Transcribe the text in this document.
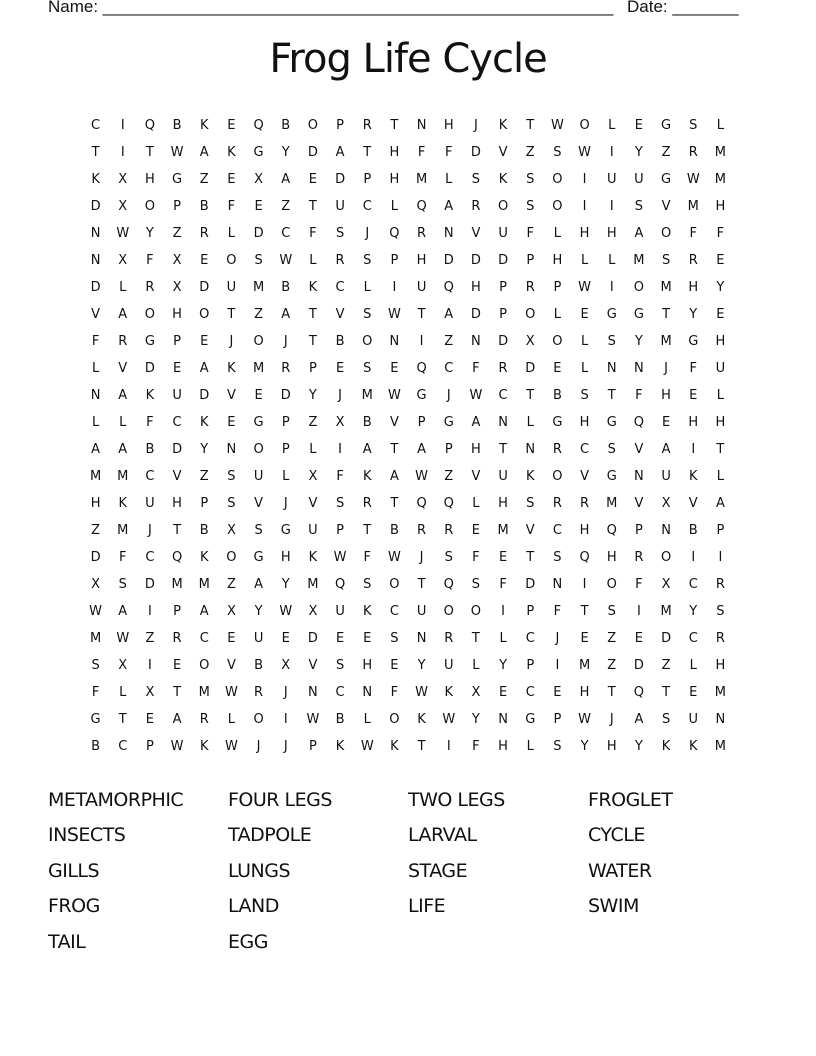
Name: ______________________________________________________ Date: _______
Frog Life Cycle
C	I	Q	B	K	E	Q	B	O	P	R	T	N	H	J	K	T	W	O	L	E	G	S	L
T	I	T	W	A	K	G	Y	D	A	T	H	F	F	D	V	Z	S	W	I	Y	Z	R	M
K	X	H	G	Z	E	X	A	E	D	P	H	M	L	S	K	S	O	I	U	U	G	W	M
D	X	O	P	B	F	E	Z	T	U	C	L	Q	A	R	O	S	O	I	I	S	V	M	H
N	W	Y	Z	R	L	D	C	F	S	J	Q	R	N	V	U	F	L	H	H	A	O	F	F
N	X	F	X	E	O	S	W	L	R	S	P	H	D	D	D	P	H	L	L	M	S	R	E
D	L	R	X	D	U	M	B	K	C	L	I	U	Q	H	P	R	P	W	I	O	M	H	Y
V	A	O	H	O	T	Z	A	T	V	S	W	T	A	D	P	O	L	E	G	G	T	Y	E
F	R	G	P	E	J	O	J	T	B	O	N	I	Z	N	D	X	O	L	S	Y	M	G	H
L	V	D	E	A	K	M	R	P	E	S	E	Q	C	F	R	D	E	L	N	N	J	F	U
N	A	K	U	D	V	E	D	Y	J	M	W	G	J	W	C	T	B	S	T	F	H	E	L
L	L	F	C	K	E	G	P	Z	X	B	V	P	G	A	N	L	G	H	G	Q	E	H	H
A	A	B	D	Y	N	O	P	L	I	A	T	A	P	H	T	N	R	C	S	V	A	I	T
M	M	C	V	Z	S	U	L	X	F	K	A	W	Z	V	U	K	O	V	G	N	U	K	L
H	K	U	H	P	S	V	J	V	S	R	T	Q	Q	L	H	S	R	R	M	V	X	V	A
Z	M	J	T	B	X	S	G	U	P	T	B	R	R	E	M	V	C	H	Q	P	N	B	P
D	F	C	Q	K	O	G	H	K	W	F	W	J	S	F	E	T	S	Q	H	R	O	I	I
X	S	D	M	M	Z	A	Y	M	Q	S	O	T	Q	S	F	D	N	I	O	F	X	C	R
W	A	I	P	A	X	Y	W	X	U	K	C	U	O	O	I	P	F	T	S	I	M	Y	S
M	W	Z	R	C	E	U	E	D	E	E	S	N	R	T	L	C	J	E	Z	E	D	C	R
S	X	I	E	O	V	B	X	V	S	H	E	Y	U	L	Y	P	I	M	Z	D	Z	L	H
F	L	X	T	M	W	R	J	N	C	N	F	W	K	X	E	C	E	H	T	Q	T	E	M
G	T	E	A	R	L	O	I	W	B	L	O	K	W	Y	N	G	P	W	J	A	S	U	N
B	C	P	W	K	W	J	J	P	K	W	K	T	I	F	H	L	S	Y	H	Y	K	K	M
METAMORPHIC	FOUR LEGS	TWO LEGS	FROGLET
INSECTS	TADPOLE	LARVAL	CYCLE
GILLS	LUNGS	STAGE	WATER
FROG	LAND	LIFE	SWIM
TAIL	EGG
